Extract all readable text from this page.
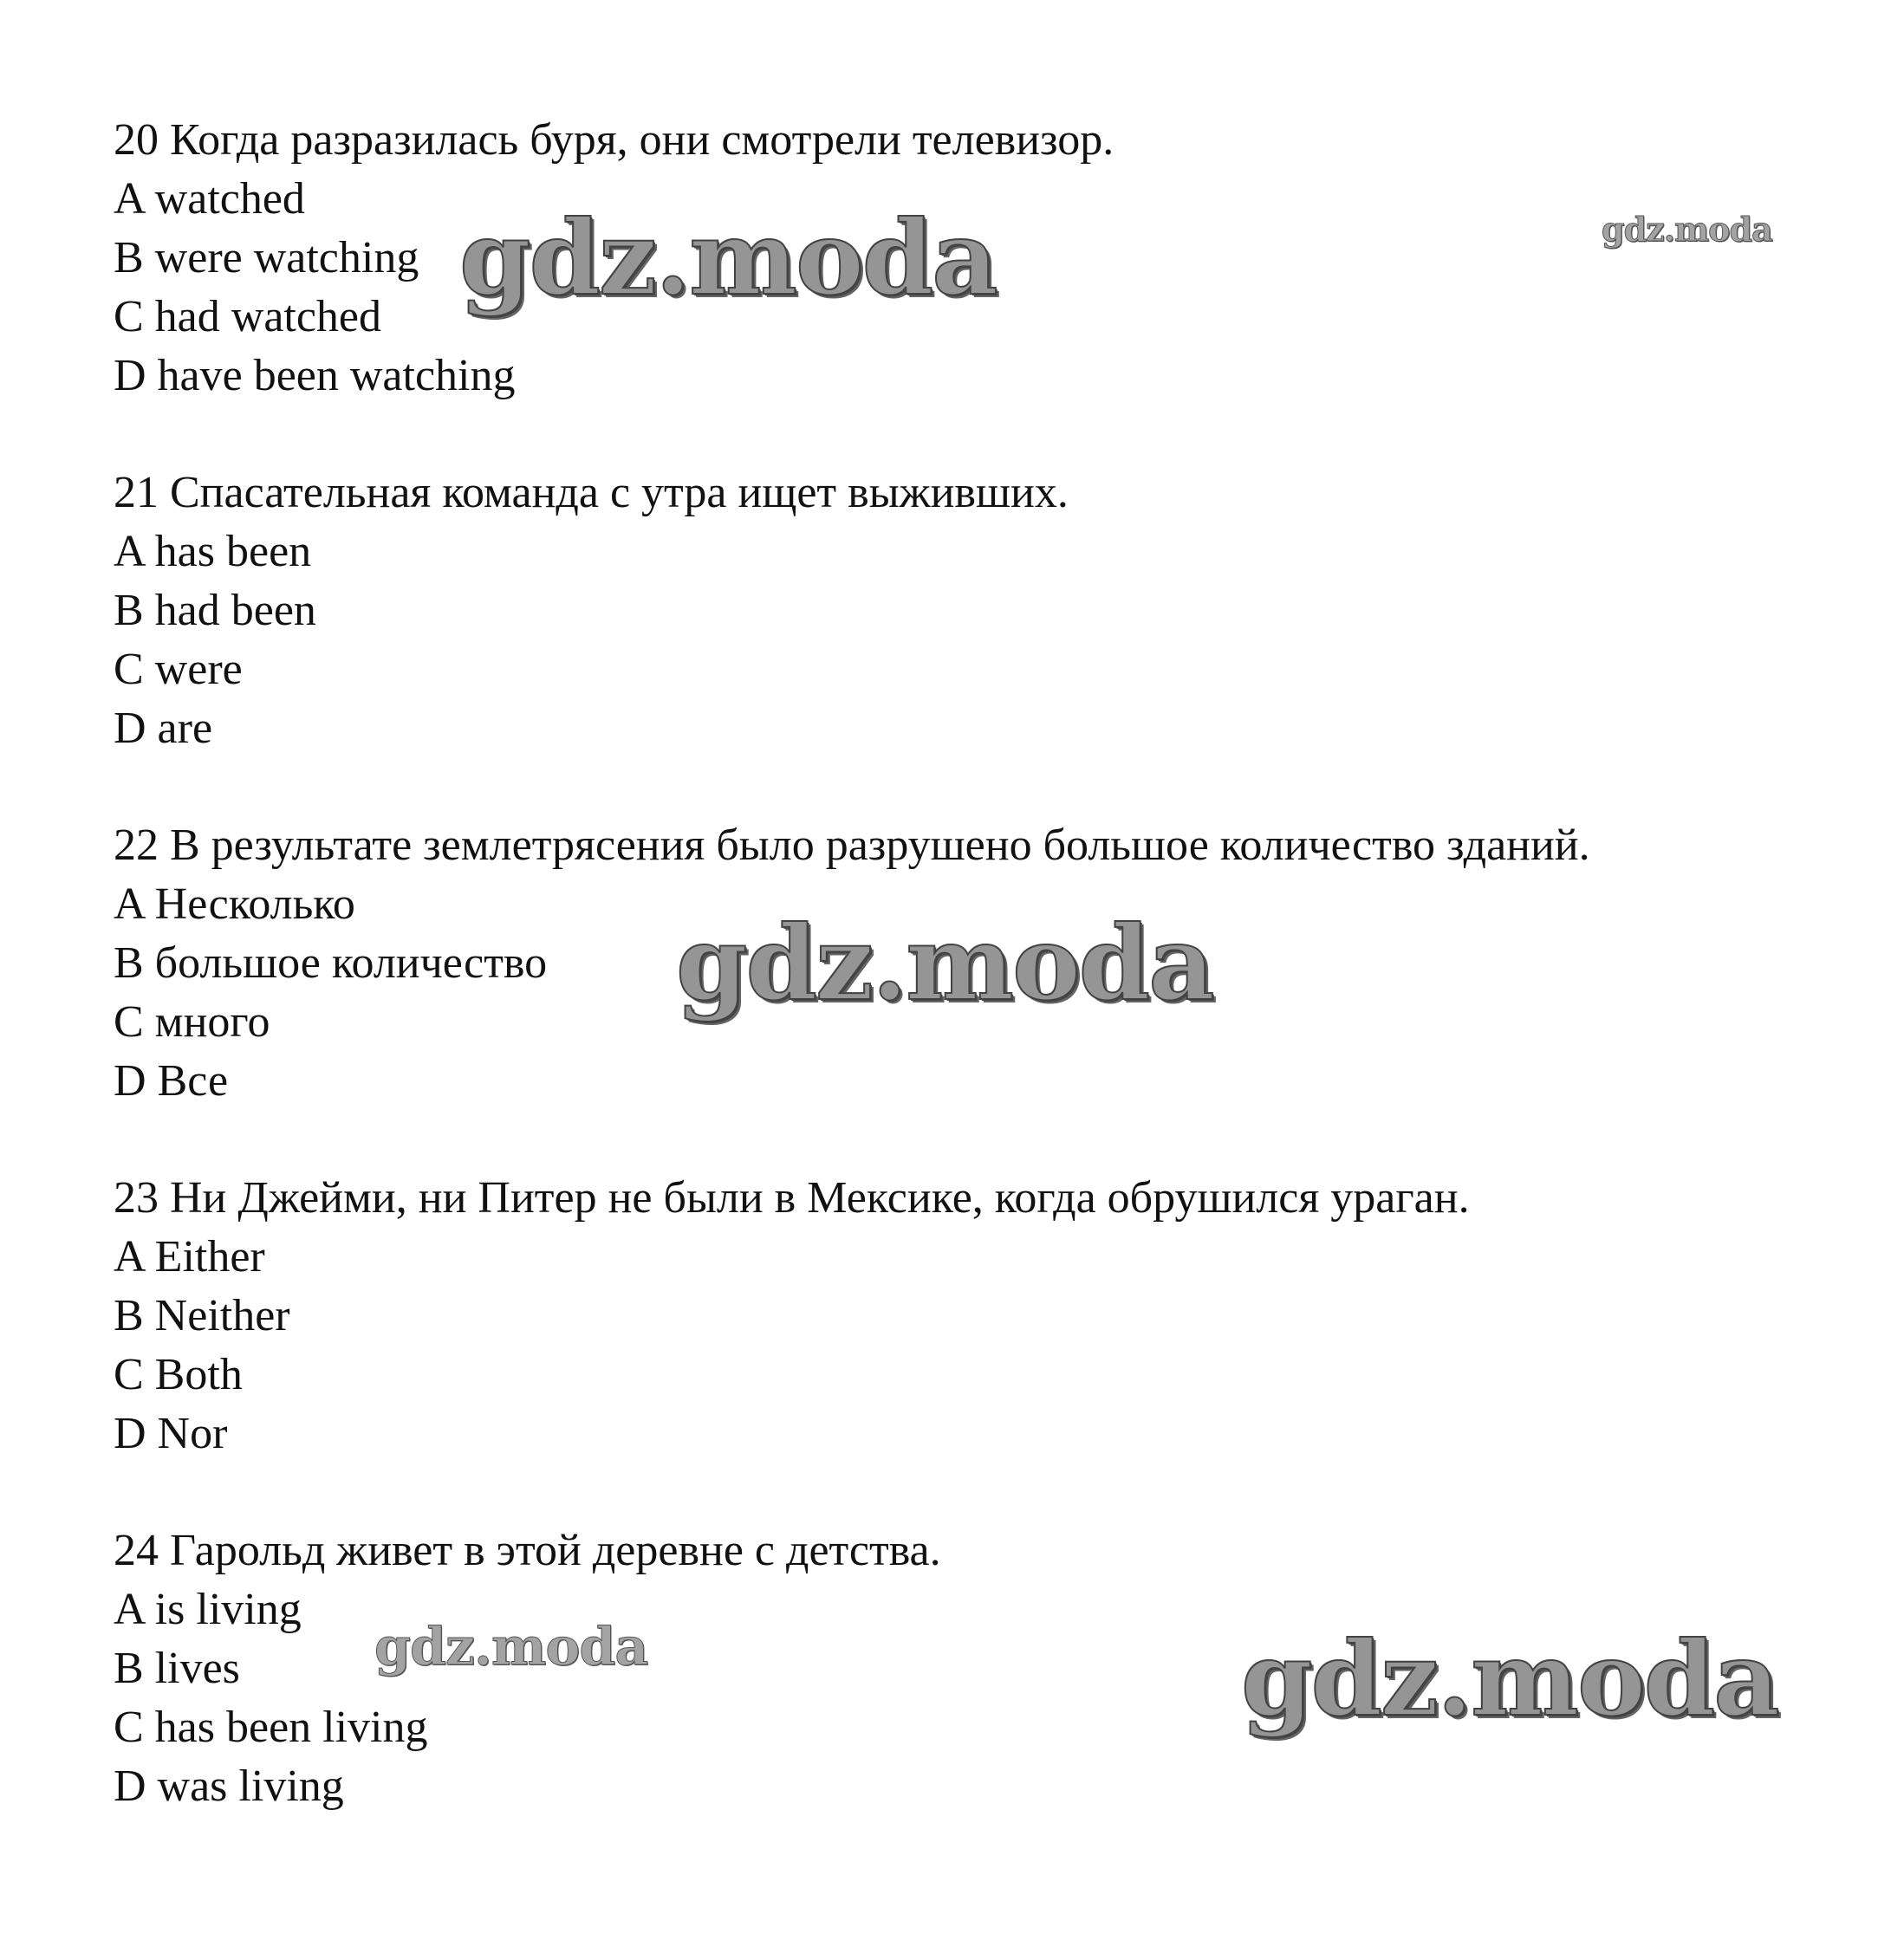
20 Когда разразилась буря, они смотрели телевизор.
A watched
B were watching
C had watched
D have been watching
21 Спасательная команда с утра ищет выживших.
A has been
B had been
C were
D are
22 В результате землетрясения было разрушено большое количество зданий.
A Несколько
B большое количество
C много
D Все
23 Ни Джейми, ни Питер не были в Мексике, когда обрушился ураган.
A Either
B Neither
C Both
D Nor
24 Гарольд живет в этой деревне с детства.
A is living
B lives
C has been living
D was living
gdz.moda	gdz.moda
gdz.moda
gdz.moda	gdz.moda
